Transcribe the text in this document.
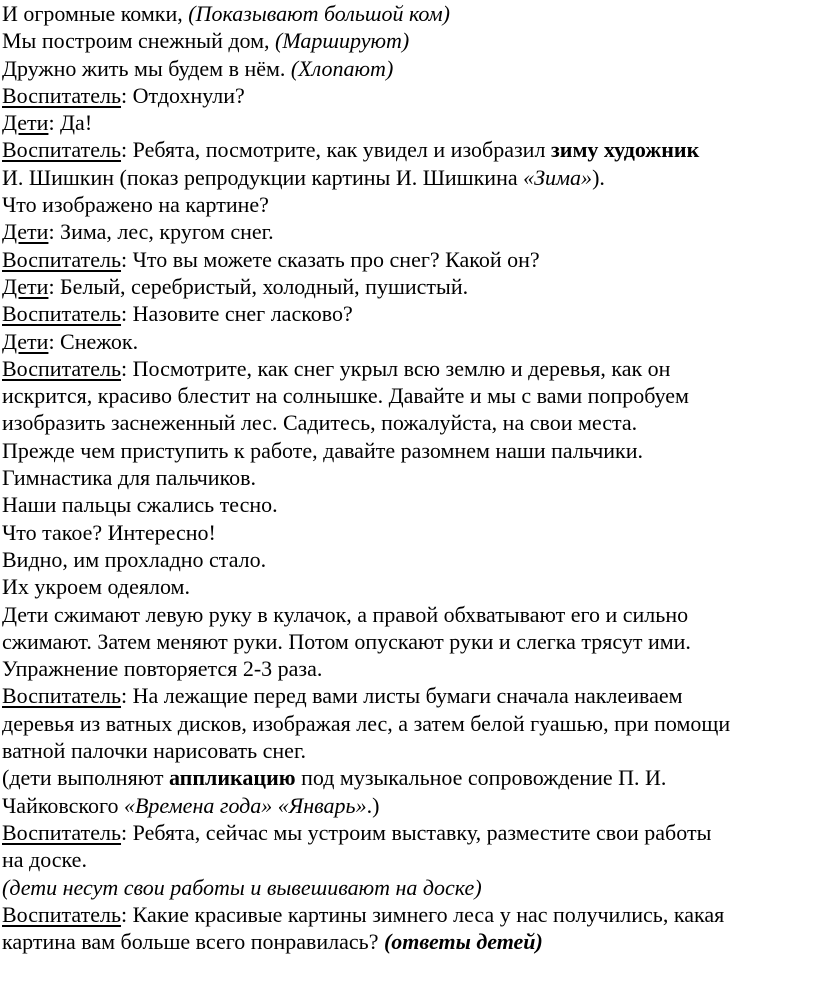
И огромные комки, (Показывают большой ком)
Мы построим снежный дом, (Маршируют)
Дружно жить мы будем в нём. (Хлопают)
Воспитатель: Отдохнули?
Дети: Да!
Воспитатель: Ребята, посмотрите, как увидел и изобразил зиму художник
И. Шишкин (показ репродукции картины И. Шишкина «Зима»).
Что изображено на картине?
Дети: Зима, лес, кругом снег.
Воспитатель: Что вы можете сказать про снег? Какой он?
Дети: Белый, серебристый, холодный, пушистый.
Воспитатель: Назовите снег ласково?
Дети: Снежок.
Воспитатель: Посмотрите, как снег укрыл всю землю и деревья, как он
искрится, красиво блестит на солнышке. Давайте и мы с вами попробуем
изобразить заснеженный лес. Садитесь, пожалуйста, на свои места.
Прежде чем приступить к работе, давайте разомнем наши пальчики.
Гимнастика для пальчиков.
Наши пальцы сжались тесно.
Что такое? Интересно!
Видно, им прохладно стало.
Их укроем одеялом.
Дети сжимают левую руку в кулачок, а правой обхватывают его и сильно
сжимают. Затем меняют руки. Потом опускают руки и слегка трясут ими.
Упражнение повторяется 2-3 раза.
Воспитатель: На лежащие перед вами листы бумаги сначала наклеиваем
деревья из ватных дисков, изображая лес, а затем белой гуашью, при помощи
ватной палочки нарисовать снег.
(дети выполняют аппликацию под музыкальное сопровождение П. И.
Чайковского «Времена года» «Январь».)
Воспитатель: Ребята, сейчас мы устроим выставку, разместите свои работы
на доске.
(дети несут свои работы и вывешивают на доске)
Воспитатель: Какие красивые картины зимнего леса у нас получились, какая
картина вам больше всего понравилась? (ответы детей)
